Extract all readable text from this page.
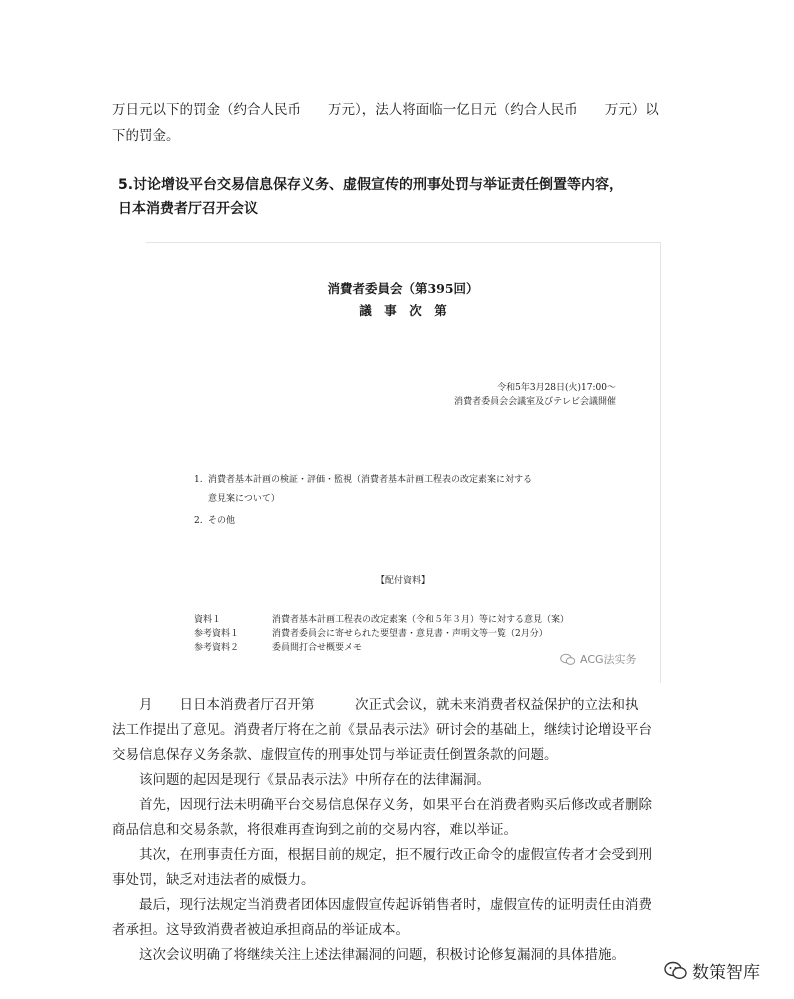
万日元以下的罚金（约合人民币　　万元），法人将面临一亿日元（约合人民币　　万元）以
下的罚金。
5.讨论增设平台交易信息保存义务、虚假宣传的刑事处罚与举证责任倒置等内容，
日本消费者厅召开会议
消費者委員会（第395回）
議　事　次　第
令和5年3月28日(火)17:00～
消費者委員会会議室及びテレビ会議開催
1. 消費者基本計画の検証・評価・監視（消費者基本計画工程表の改定素案に対する
意見案について）
2. その他
【配付資料】
資料１	消費者基本計画工程表の改定素案（令和５年３月）等に対する意見（案）
参考資料１	消費者委員会に寄せられた要望書・意見書・声明文等一覧（2月分）
参考資料２	委員間打合せ概要メモ
ACG法实务
　　月　　日日本消费者厅召开第　　　次正式会议，就未来消费者权益保护的立法和执
法工作提出了意见。消费者厅将在之前《景品表示法》研讨会的基础上，继续讨论增设平台
交易信息保存义务条款、虚假宣传的刑事处罚与举证责任倒置条款的问题。
　　该问题的起因是现行《景品表示法》中所存在的法律漏洞。
　　首先，因现行法未明确平台交易信息保存义务，如果平台在消费者购买后修改或者删除
商品信息和交易条款，将很难再查询到之前的交易内容，难以举证。
　　其次，在刑事责任方面，根据目前的规定，拒不履行改正命令的虚假宣传者才会受到刑
事处罚，缺乏对违法者的威慑力。
　　最后，现行法规定当消费者团体因虚假宣传起诉销售者时，虚假宣传的证明责任由消费
者承担。这导致消费者被迫承担商品的举证成本。
　　这次会议明确了将继续关注上述法律漏洞的问题，积极讨论修复漏洞的具体措施。
数策智库
